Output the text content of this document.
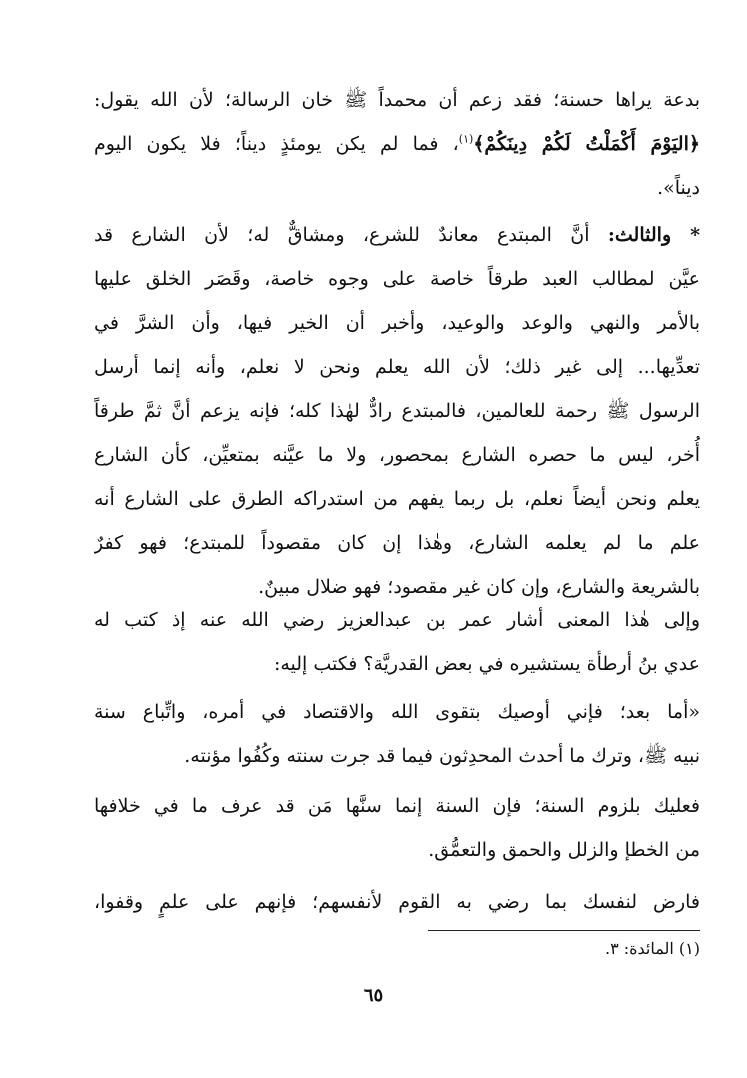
بدعة يراها حسنة؛ فقد زعم أن محمداً ﷺ خان الرسالة؛ لأن الله يقول:
﴿اليَوْمَ أَكْمَلْتُ لَكُمْ دِينَكُمْ﴾$^{(١)}$، فما لم يكن يومئذٍ ديناً؛ فلا يكون اليوم
ديناً».
* والثالث: أنَّ المبتدع معاندٌ للشرع، ومشاقٌّ له؛ لأن الشارع قد
عيَّن لمطالب العبد طرقاً خاصة على وجوه خاصة، وقَصَر الخلق عليها
بالأمر والنهي والوعد والوعيد، وأخبر أن الخير فيها، وأن الشرَّ في
تعدِّيها... إلى غير ذلك؛ لأن الله يعلم ونحن لا نعلم، وأنه إنما أرسل
الرسول ﷺ رحمة للعالمين، فالمبتدع رادٌّ لهٰذا كله؛ فإنه يزعم أنَّ ثمَّ طرقاً
أُخر، ليس ما حصره الشارع بمحصور، ولا ما عيَّنه بمتعيِّن، كأن الشارع
يعلم ونحن أيضاً نعلم، بل ربما يفهم من استدراكه الطرق على الشارع أنه
علم ما لم يعلمه الشارع، وهٰذا إن كان مقصوداً للمبتدع؛ فهو كفرٌ
بالشريعة والشارع، وإن كان غير مقصود؛ فهو ضلال مبينٌ.
وإلى هٰذا المعنى أشار عمر بن عبدالعزيز رضي الله عنه إذ كتب له
عدي بنُ أرطأة يستشيره في بعض القدريَّة؟ فكتب إليه:
«أما بعد؛ فإني أوصيك بتقوى الله والاقتصاد في أمره، واتِّباع سنة
نبيه ﷺ، وترك ما أحدث المحدِثون فيما قد جرت سنته وكُفُوا مؤنته.
فعليك بلزوم السنة؛ فإن السنة إنما سنَّها مَن قد عرف ما في خلافها
من الخطإ والزلل والحمق والتعمُّق.
فارض لنفسك بما رضي به القوم لأنفسهم؛ فإنهم على علمٍ وقفوا،
(١) المائدة: ٣.
٦٥
